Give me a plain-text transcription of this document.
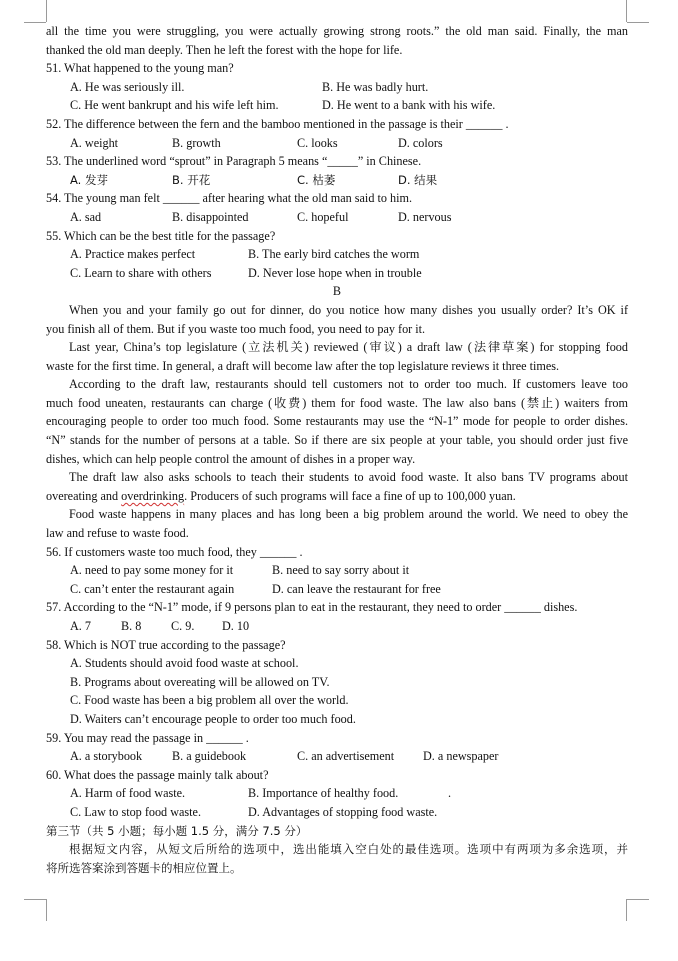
all the time you were struggling, you were actually growing strong roots.” the old man said. Finally, the man
thanked the old man deeply. Then he left the forest with the hope for life.
51. What happened to the young man?
A. He was seriously ill.	B. He was badly hurt.
C. He went bankrupt and his wife left him.	D. He went to a bank with his wife.
52. The difference between the fern and the bamboo mentioned in the passage is their ______ .
A. weight	B. growth	C. looks	D. colors
53. The underlined word “sprout” in Paragraph 5 means “_____” in Chinese.
A. 发芽	B. 开花	C. 枯萎	D. 结果
54. The young man felt ______ after hearing what the old man said to him.
A. sad	B. disappointed	C. hopeful	D. nervous
55. Which can be the best title for the passage?
A. Practice makes perfect	B. The early bird catches the worm
C. Learn to share with others	D. Never lose hope when in trouble
B
When you and your family go out for dinner, do you notice how many dishes you usually order? It’s OK if
you finish all of them. But if you waste too much food, you need to pay for it.
Last year, China’s top legislature (立法机关) reviewed (审议) a draft law (法律草案) for stopping food
waste for the first time. In general, a draft will become law after the top legislature reviews it three times.
According to the draft law, restaurants should tell customers not to order too much. If customers leave too
much food uneaten, restaurants can charge (收费) them for food waste. The law also bans (禁止) waiters from
encouraging people to order too much food. Some restaurants may use the “N-1” mode for people to order dishes.
“N” stands for the number of persons at a table. So if there are six people at your table, you should order just five
dishes, which can help people control the amount of dishes in a proper way.
The draft law also asks schools to teach their students to avoid food waste. It also bans TV programs about
overeating and overdrinking. Producers of such programs will face a fine of up to 100,000 yuan.
Food waste happens in many places and has long been a big problem around the world. We need to obey the
law and refuse to waste food.
56. If customers waste too much food, they ______ .
A. need to pay some money for it	B. need to say sorry about it
C. can’t enter the restaurant again	D. can leave the restaurant for free
57. According to the “N-1” mode, if 9 persons plan to eat in the restaurant, they need to order ______ dishes.
A. 7 B. 8 C. 9. D. 10
58. Which is NOT true according to the passage?
A. Students should avoid food waste at school.
B. Programs about overeating will be allowed on TV.
C. Food waste has been a big problem all over the world.
D. Waiters can’t encourage people to order too much food.
59. You may read the passage in ______ .
A. a storybook B. a guidebook	C. an advertisement D. a newspaper
60. What does the passage mainly talk about?
A. Harm of food waste.	B. Importance of healthy food.	.
C. Law to stop food waste.	D. Advantages of stopping food waste.
第三节（共 5 小题；每小题 1.5 分，满分 7.5 分）
根据短文内容，从短文后所给的选项中，选出能填入空白处的最佳选项。选项中有两项为多余选项，并
将所选答案涂到答题卡的相应位置上。
